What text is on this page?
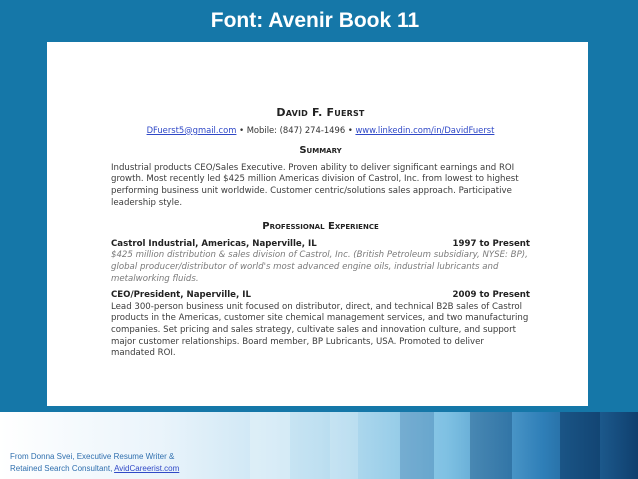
Font: Avenir Book 11
David F. Fuerst
DFuerst5@gmail.com • Mobile: (847) 274-1496 • www.linkedin.com/in/DavidFuerst
Summary

Industrial products CEO/Sales Executive. Proven ability to deliver significant earnings and ROI growth. Most recently led $425 million Americas division of Castrol, Inc. from lowest to highest performing business unit worldwide. Customer centric/solutions sales approach. Participative leadership style.

Professional Experience
Castrol Industrial, Americas, Naperville, IL	1997 to Present

$425 million distribution & sales division of Castrol, Inc. (British Petroleum subsidiary, NYSE: BP), global producer/distributor of world's most advanced engine oils, industrial lubricants and metalworking fluids.

CEO/President, Naperville, IL	2009 to Present

Lead 300-person business unit focused on distributor, direct, and technical B2B sales of Castrol products in the Americas, customer site chemical management services, and two manufacturing companies. Set pricing and sales strategy, cultivate sales and innovation culture, and support major customer relationships. Board member, BP Lubricants, USA. Promoted to deliver mandated ROI.

From Donna Svei, Executive Resume Writer &
Retained Search Consultant, AvidCareerist.com
